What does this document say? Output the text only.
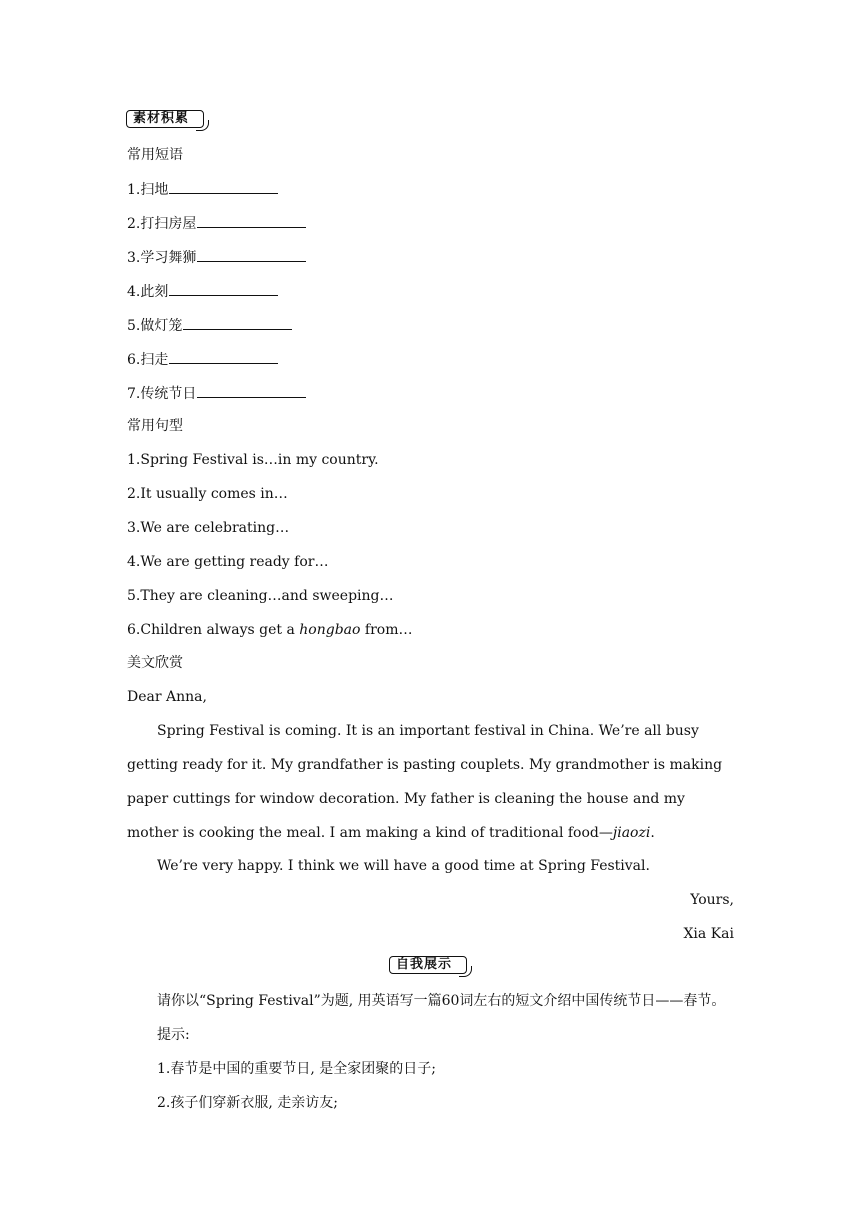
素材积累
常用短语
1.扫地
2.打扫房屋
3.学习舞狮
4.此刻
5.做灯笼
6.扫走
7.传统节日
常用句型
1.Spring Festival is…in my country.
2.It usually comes in…
3.We are celebrating…
4.We are getting ready for…
5.They are cleaning…and sweeping…
6.Children always get a hongbao from…
美文欣赏
Dear Anna,
Spring Festival is coming. It is an important festival in China. We’re all busy getting ready for it. My grandfather is pasting couplets. My grandmother is making paper cuttings for window decoration. My father is cleaning the house and my mother is cooking the meal. I am making a kind of traditional food—jiaozi.
We’re very happy. I think we will have a good time at Spring Festival.
Yours,
Xia Kai
自我展示
请你以“Spring Festival”为题, 用英语写一篇60词左右的短文介绍中国传统节日——春节。
提示:
1.春节是中国的重要节日, 是全家团聚的日子;
2.孩子们穿新衣服, 走亲访友;
